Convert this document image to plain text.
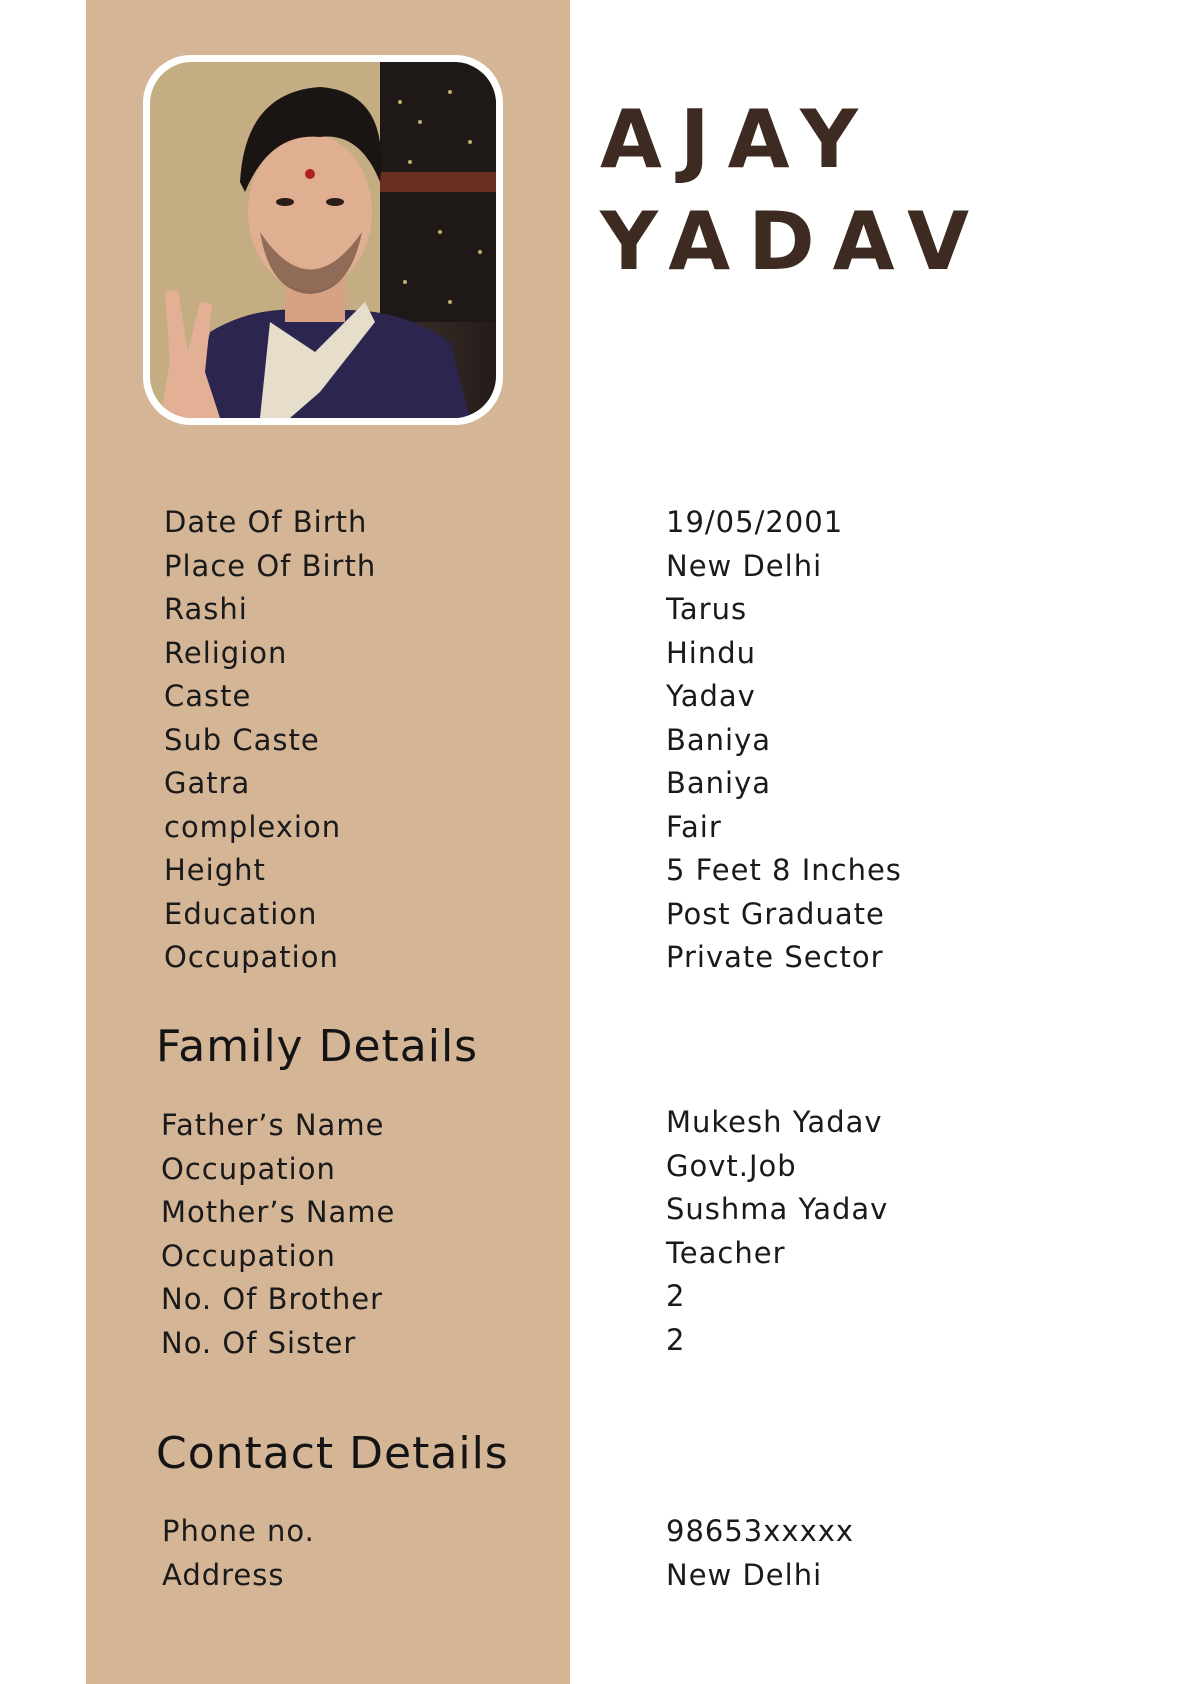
AJAY
YADAV
Date Of Birth	19/05/2001
Place Of Birth	New Delhi
Rashi	Tarus
Religion	Hindu
Caste	Yadav
Sub Caste	Baniya
Gatra	Baniya
complexion	Fair
Height	5 Feet 8 Inches
Education	Post Graduate
Occupation	Private Sector
Family Details
Father’s Name	Mukesh Yadav
Occupation	Govt.Job
Mother’s Name	Sushma Yadav
Occupation	Teacher
No. Of Brother	2
No. Of Sister	2
Contact Details
Phone no.	98653xxxxx
Address	New Delhi
